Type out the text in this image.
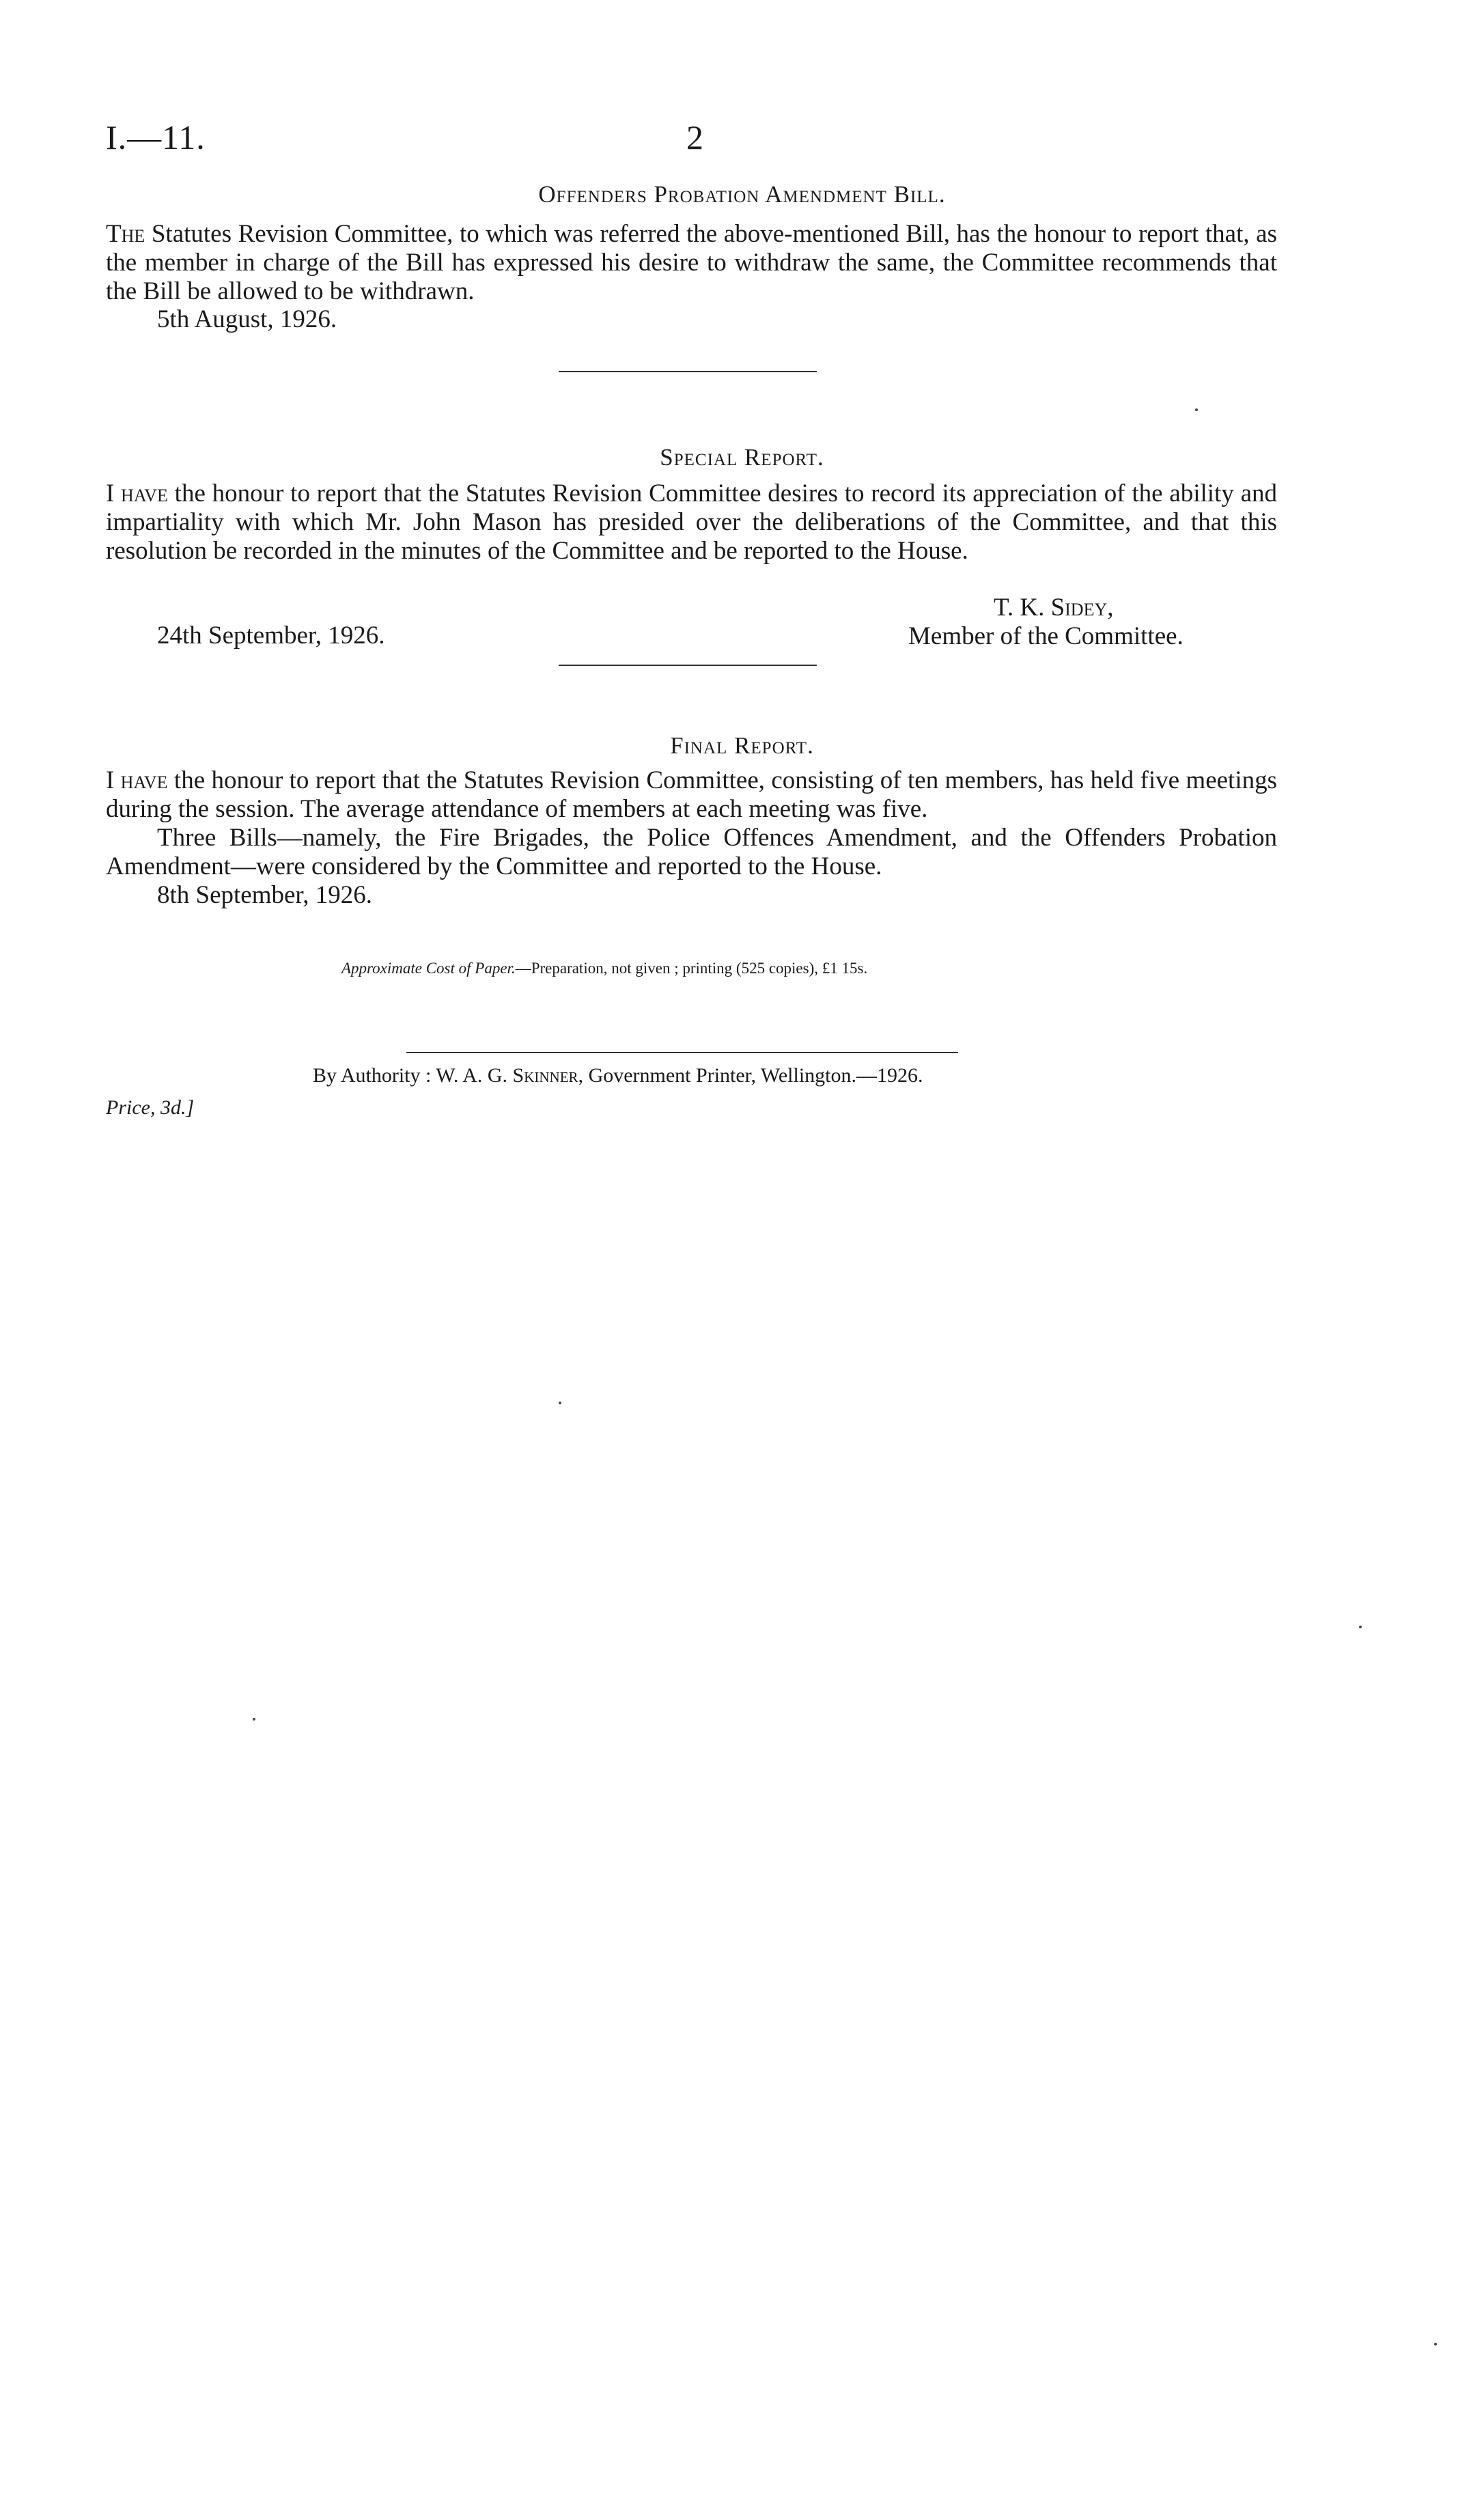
I.—11.	2
Offenders Probation Amendment Bill.
The Statutes Revision Committee, to which was referred the above-mentioned Bill, has the honour to report that, as the member in charge of the Bill has expressed his desire to withdraw the same, the Committee recommends that the Bill be allowed to be withdrawn.
5th August, 1926.
Special Report.
I have the honour to report that the Statutes Revision Committee desires to record its appreciation of the ability and impartiality with which Mr. John Mason has presided over the deliberations of the Committee, and that this resolution be recorded in the minutes of the Committee and be reported to the House.
T. K. Sidey,
24th September, 1926.	Member of the Committee.
Final Report.
I have the honour to report that the Statutes Revision Committee, consisting of ten members, has held five meetings during the session. The average attendance of members at each meeting was five.
Three Bills—namely, the Fire Brigades, the Police Offences Amendment, and the Offenders Probation Amendment—were considered by the Committee and reported to the House.
8th September, 1926.
Approximate Cost of Paper.—Preparation, not given ; printing (525 copies), £1 15s.
By Authority : W. A. G. Skinner, Government Printer, Wellington.—1926.
Price, 3d.]
